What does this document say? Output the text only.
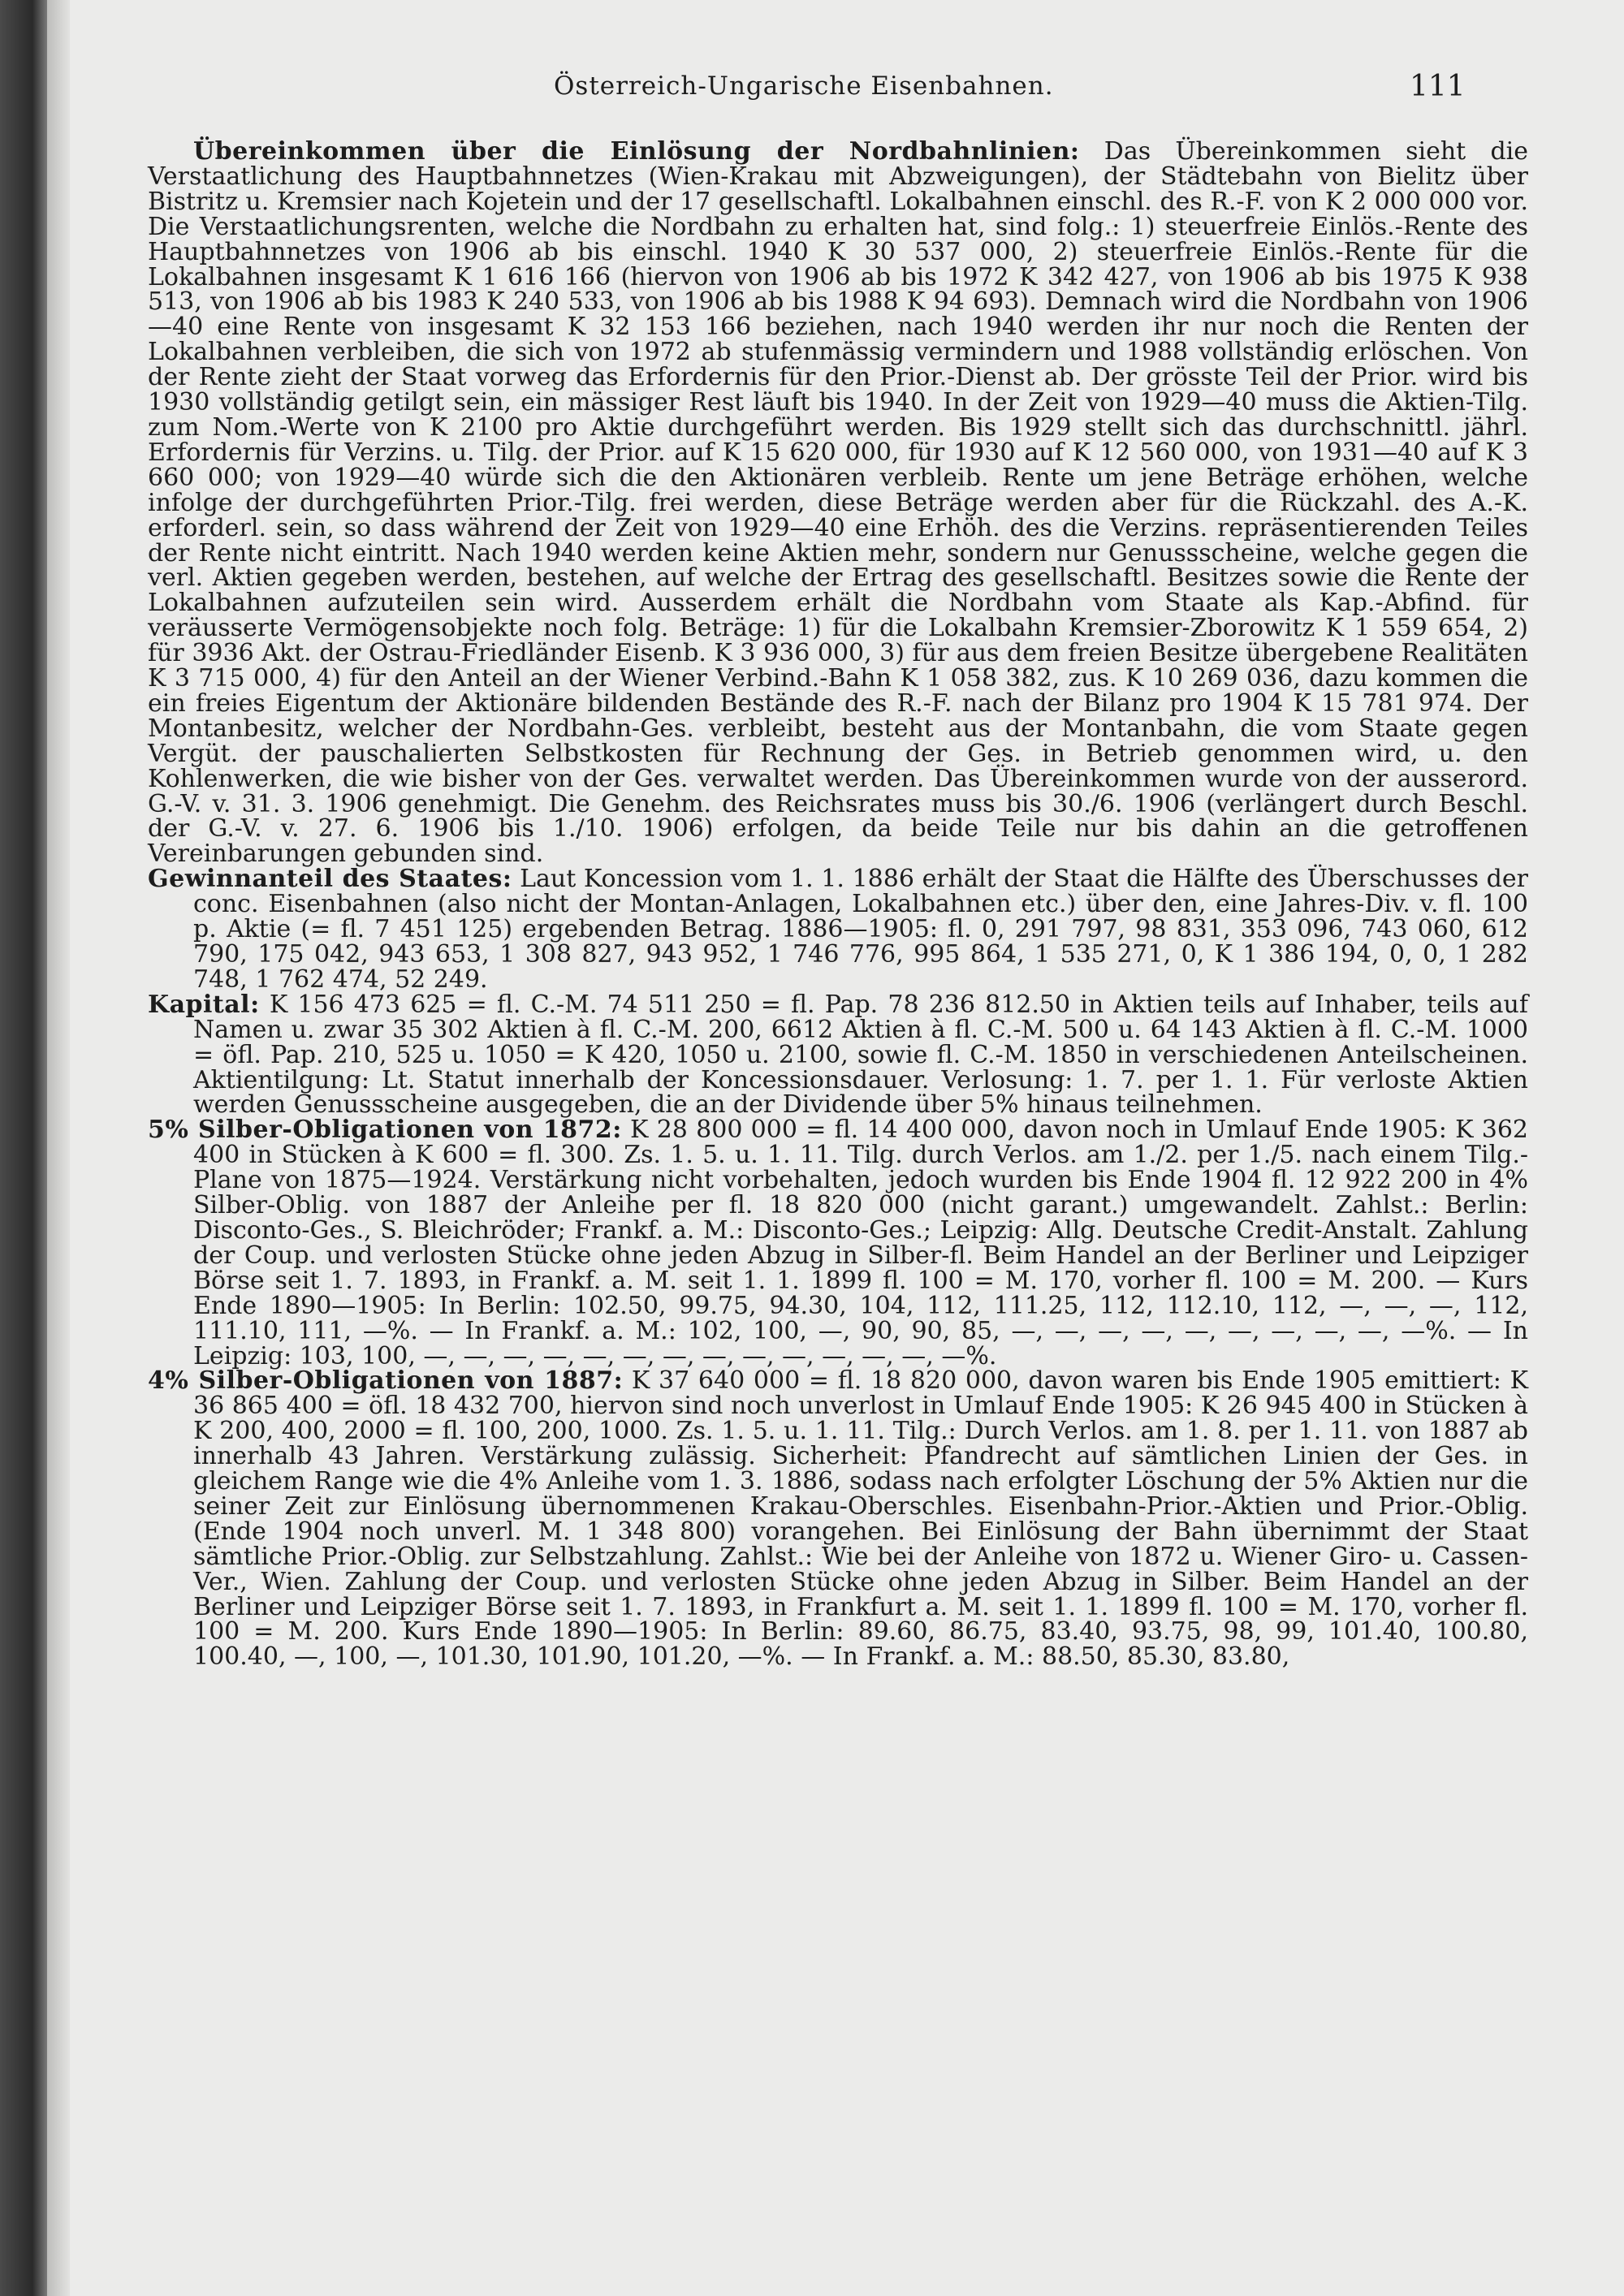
Österreich-Ungarische Eisenbahnen.	111

Übereinkommen über die Einlösung der Nordbahnlinien: Das Übereinkommen sieht die Verstaatlichung des Hauptbahnnetzes (Wien-Krakau mit Abzweigungen), der Städtebahn von Bielitz über Bistritz u. Kremsier nach Kojetein und der 17 gesellschaftl. Lokalbahnen einschl. des R.-F. von K 2 000 000 vor. Die Verstaatlichungsrenten, welche die Nordbahn zu erhalten hat, sind folg.: 1) steuerfreie Einlös.-Rente des Hauptbahnnetzes von 1906 ab bis einschl. 1940 K 30 537 000, 2) steuerfreie Einlös.-Rente für die Lokalbahnen insgesamt K 1 616 166 (hiervon von 1906 ab bis 1972 K 342 427, von 1906 ab bis 1975 K 938 513, von 1906 ab bis 1983 K 240 533, von 1906 ab bis 1988 K 94 693). Demnach wird die Nordbahn von 1906—40 eine Rente von insgesamt K 32 153 166 beziehen, nach 1940 werden ihr nur noch die Renten der Lokalbahnen verbleiben, die sich von 1972 ab stufenmässig vermindern und 1988 vollständig erlöschen. Von der Rente zieht der Staat vorweg das Erfordernis für den Prior.-Dienst ab. Der grösste Teil der Prior. wird bis 1930 vollständig getilgt sein, ein mässiger Rest läuft bis 1940. In der Zeit von 1929—40 muss die Aktien-Tilg. zum Nom.-Werte von K 2100 pro Aktie durchgeführt werden. Bis 1929 stellt sich das durchschnittl. jährl. Erfordernis für Verzins. u. Tilg. der Prior. auf K 15 620 000, für 1930 auf K 12 560 000, von 1931—40 auf K 3 660 000; von 1929—40 würde sich die den Aktionären verbleib. Rente um jene Beträge erhöhen, welche infolge der durchgeführten Prior.-Tilg. frei werden, diese Beträge werden aber für die Rückzahl. des A.-K. erforderl. sein, so dass während der Zeit von 1929—40 eine Erhöh. des die Verzins. repräsentierenden Teiles der Rente nicht eintritt. Nach 1940 werden keine Aktien mehr, sondern nur Genussscheine, welche gegen die verl. Aktien gegeben werden, bestehen, auf welche der Ertrag des gesellschaftl. Besitzes sowie die Rente der Lokalbahnen aufzuteilen sein wird. Ausserdem erhält die Nordbahn vom Staate als Kap.-Abfind. für veräusserte Vermögensobjekte noch folg. Beträge: 1) für die Lokalbahn Kremsier-Zborowitz K 1 559 654, 2) für 3936 Akt. der Ostrau-Friedländer Eisenb. K 3 936 000, 3) für aus dem freien Besitze übergebene Realitäten K 3 715 000, 4) für den Anteil an der Wiener Verbind.-Bahn K 1 058 382, zus. K 10 269 036, dazu kommen die ein freies Eigentum der Aktionäre bildenden Bestände des R.-F. nach der Bilanz pro 1904 K 15 781 974. Der Montanbesitz, welcher der Nordbahn-Ges. verbleibt, besteht aus der Montanbahn, die vom Staate gegen Vergüt. der pauschalierten Selbstkosten für Rechnung der Ges. in Betrieb genommen wird, u. den Kohlenwerken, die wie bisher von der Ges. verwaltet werden. Das Übereinkommen wurde von der ausserord. G.-V. v. 31. 3. 1906 genehmigt. Die Genehm. des Reichsrates muss bis 30./6. 1906 (verlängert durch Beschl. der G.-V. v. 27. 6. 1906 bis 1./10. 1906) erfolgen, da beide Teile nur bis dahin an die getroffenen Vereinbarungen gebunden sind.

Gewinnanteil des Staates: Laut Koncession vom 1. 1. 1886 erhält der Staat die Hälfte des Überschusses der conc. Eisenbahnen (also nicht der Montan-Anlagen, Lokalbahnen etc.) über den, eine Jahres-Div. v. fl. 100 p. Aktie (= fl. 7 451 125) ergebenden Betrag. 1886—1905: fl. 0, 291 797, 98 831, 353 096, 743 060, 612 790, 175 042, 943 653, 1 308 827, 943 952, 1 746 776, 995 864, 1 535 271, 0, K 1 386 194, 0, 0, 1 282 748, 1 762 474, 52 249.

Kapital: K 156 473 625 = fl. C.-M. 74 511 250 = fl. Pap. 78 236 812.50 in Aktien teils auf Inhaber, teils auf Namen u. zwar 35 302 Aktien à fl. C.-M. 200, 6612 Aktien à fl. C.-M. 500 u. 64 143 Aktien à fl. C.-M. 1000 = öfl. Pap. 210, 525 u. 1050 = K 420, 1050 u. 2100, sowie fl. C.-M. 1850 in verschiedenen Anteilscheinen. Aktientilgung: Lt. Statut innerhalb der Koncessionsdauer. Verlosung: 1. 7. per 1. 1. Für verloste Aktien werden Genussscheine ausgegeben, die an der Dividende über 5% hinaus teilnehmen.

5% Silber-Obligationen von 1872: K 28 800 000 = fl. 14 400 000, davon noch in Umlauf Ende 1905: K 362 400 in Stücken à K 600 = fl. 300. Zs. 1. 5. u. 1. 11. Tilg. durch Verlos. am 1./2. per 1./5. nach einem Tilg.-Plane von 1875—1924. Verstärkung nicht vorbehalten, jedoch wurden bis Ende 1904 fl. 12 922 200 in 4% Silber-Oblig. von 1887 der Anleihe per fl. 18 820 000 (nicht garant.) umgewandelt. Zahlst.: Berlin: Disconto-Ges., S. Bleichröder; Frankf. a. M.: Disconto-Ges.; Leipzig: Allg. Deutsche Credit-Anstalt. Zahlung der Coup. und verlosten Stücke ohne jeden Abzug in Silber-fl. Beim Handel an der Berliner und Leipziger Börse seit 1. 7. 1893, in Frankf. a. M. seit 1. 1. 1899 fl. 100 = M. 170, vorher fl. 100 = M. 200. — Kurs Ende 1890—1905: In Berlin: 102.50, 99.75, 94.30, 104, 112, 111.25, 112, 112.10, 112, —, —, —, 112, 111.10, 111, —%. — In Frankf. a. M.: 102, 100, —, 90, 90, 85, —, —, —, —, —, —, —, —, —, —%. — In Leipzig: 103, 100, —, —, —, —, —, —, —, —, —, —, —, —, —, —%.

4% Silber-Obligationen von 1887: K 37 640 000 = fl. 18 820 000, davon waren bis Ende 1905 emittiert: K 36 865 400 = öfl. 18 432 700, hiervon sind noch unverlost in Umlauf Ende 1905: K 26 945 400 in Stücken à K 200, 400, 2000 = fl. 100, 200, 1000. Zs. 1. 5. u. 1. 11. Tilg.: Durch Verlos. am 1. 8. per 1. 11. von 1887 ab innerhalb 43 Jahren. Verstärkung zulässig. Sicherheit: Pfandrecht auf sämtlichen Linien der Ges. in gleichem Range wie die 4% Anleihe vom 1. 3. 1886, sodass nach erfolgter Löschung der 5% Aktien nur die seiner Zeit zur Einlösung übernommenen Krakau-Oberschles. Eisenbahn-Prior.-Aktien und Prior.-Oblig. (Ende 1904 noch unverl. M. 1 348 800) vorangehen. Bei Einlösung der Bahn übernimmt der Staat sämtliche Prior.-Oblig. zur Selbstzahlung. Zahlst.: Wie bei der Anleihe von 1872 u. Wiener Giro- u. Cassen-Ver., Wien. Zahlung der Coup. und verlosten Stücke ohne jeden Abzug in Silber. Beim Handel an der Berliner und Leipziger Börse seit 1. 7. 1893, in Frankfurt a. M. seit 1. 1. 1899 fl. 100 = M. 170, vorher fl. 100 = M. 200. Kurs Ende 1890—1905: In Berlin: 89.60, 86.75, 83.40, 93.75, 98, 99, 101.40, 100.80, 100.40, —, 100, —, 101.30, 101.90, 101.20, —%. — In Frankf. a. M.: 88.50, 85.30, 83.80,
